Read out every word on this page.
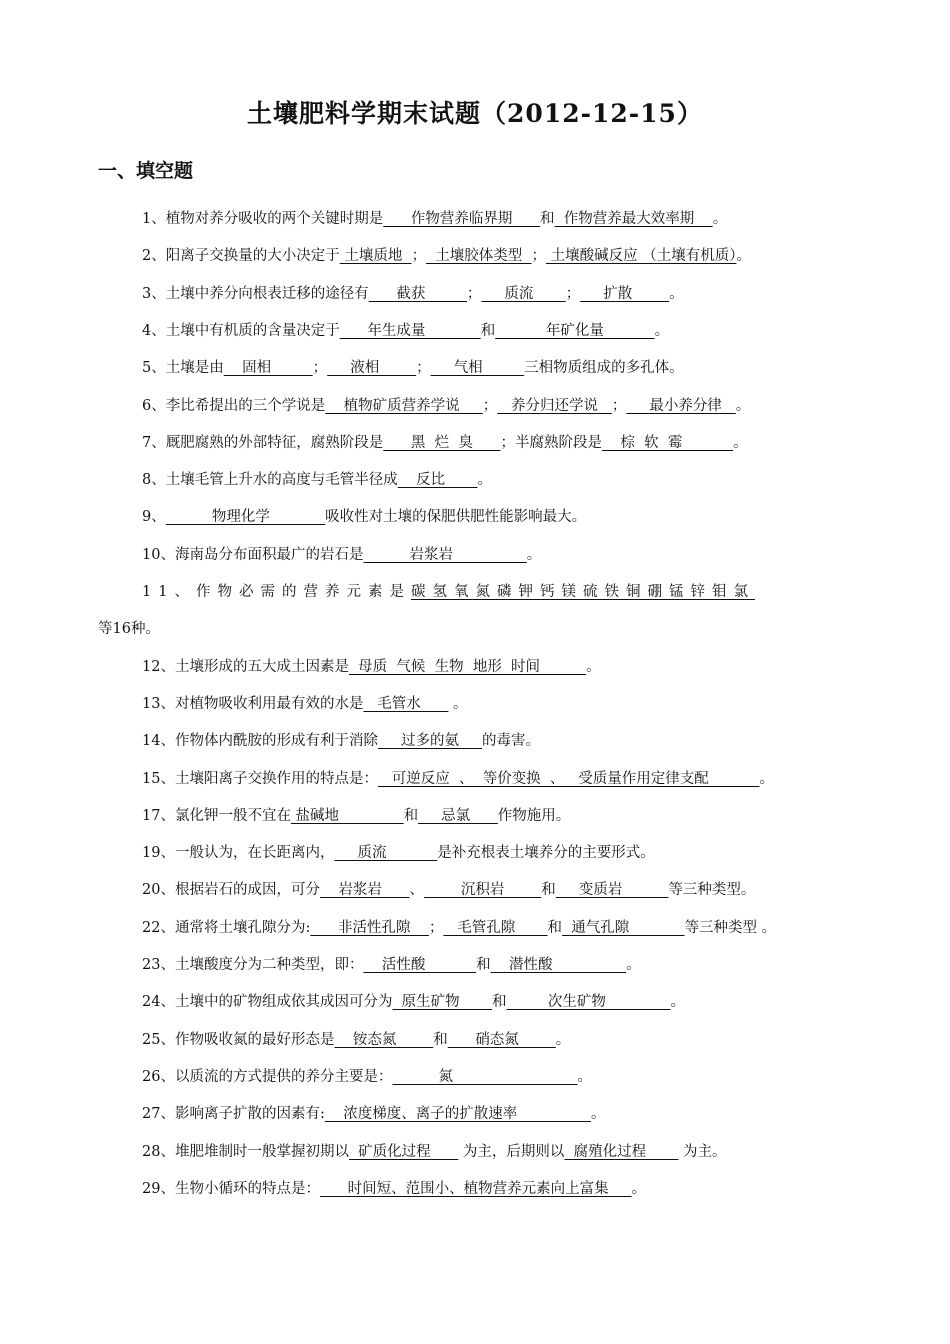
土壤肥料学期末试题（2012-12-15）
一、填空题
1、植物对养分吸收的两个关键时期是      作物营养临界期      和  作物营养最大效率期    。
2、阳离子交换量的大小决定于 土壤质地  ；  土壤胶体类型  ； 土壤酸碱反应 （土壤有机质）。
3、土壤中养分向根表迁移的途径有      截获         ；     质流       ；     扩散        。
4、土壤中有机质的含量决定于      年生成量            和           年矿化量           。
5、土壤是由    固相         ；     液相        ；     气相         三相物质组成的多孔体。
6、李比希提出的三个学说是    植物矿质营养学说     ；   养分归还学说   ；     最小养分律   。
7、厩肥腐熟的外部特征，腐熟阶段是      黑  烂  臭      ；半腐熟阶段是    棕  软  霉           。
8、土壤毛管上升水的高度与毛管半径成    反比       。
9、          物理化学            吸收性对土壤的保肥供肥性能影响最大。
10、海南岛分布面积最广的岩石是          岩浆岩                。
11、作物必需的营养元素是碳氢氧氮磷钾钙镁硫铁铜硼锰锌钼氯
等16种。
12、土壤形成的五大成土因素是  母质  气候  生物  地形  时间          。
13、对植物吸收利用最有效的水是   毛管水       。
14、作物体内酰胺的形成有利于消除     过多的氨     的毒害。
15、土壤阳离子交换作用的特点是：   可逆反应  、  等价变换  、   受质量作用定律支配           。
17、氯化钾一般不宜在 盐碱地              和     忌氯      作物施用。
19、一般认为，在长距离内，     质流           是补充根表土壤养分的主要形式。
20、根据岩石的成因，可分    岩浆岩      、        沉积岩        和     变质岩          等三种类型。
22、通常将土壤孔隙分为:      非活性孔隙    ；   毛管孔隙       和  通气孔隙            等三种类型 。
23、土壤酸度分为二种类型，即：    活性酸           和    潜性酸                。
24、土壤中的矿物组成依其成因可分为  原生矿物       和         次生矿物              。
25、作物吸收氮的最好形态是    铵态氮        和      硝态氮        。
26、以质流的方式提供的养分主要是：          氮                           。
27、影响离子扩散的因素有:    浓度梯度、离子的扩散速率                。
28、堆肥堆制时一般掌握初期以  矿质化过程       为主，后期则以  腐殖化过程        为主。
29、生物小循环的特点是：      时间短、范围小、植物营养元素向上富集     。
